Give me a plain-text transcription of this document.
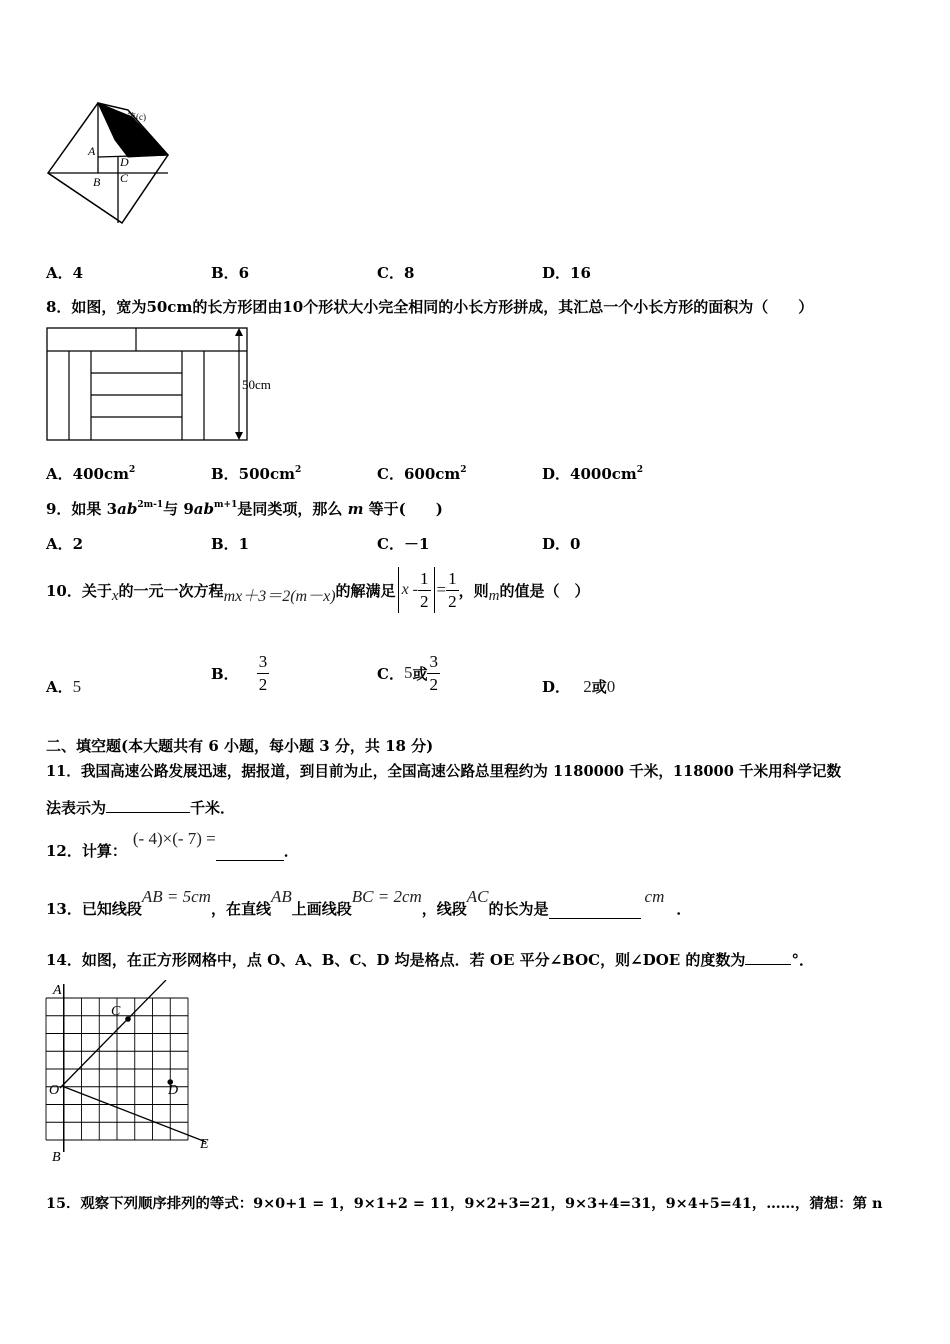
第(c)
A
D
B C
A．4	B．6	C．8	D．16
8．如图，宽为50cm的长方形团由10个形状大小完全相同的小长方形拼成，其汇总一个小长方形的面积为（　　）
50cm
A．$400cm^2$	B．$500cm^2$	C．$600cm^2$	D．$4000cm^2$
9．如果 $3ab^{2m-1}$与 $9ab^{m+1}$是同类项，那么 m 等于(　　)
A．2	B．1	C．－1	D．0
10．关于 x 的一元一次方程 mx＋3＝2(m－x) 的解满足 $x - \frac{1}{2} = \frac{1}{2}$ ，则 m 的值是（　）
A．5
B． $\frac{3}{2}$	C． 5 或 $\frac{3}{2}$	D． 2或0
二、填空题(本大题共有 6 小题，每小题 3 分，共 18 分)
11．我国高速公路发展迅速，据报道，到目前为止，全国高速公路总里程约为 1180000 千米，118000 千米用科学记数
法表示为	千米．
12．计算：
(- 4)×(- 7) =
．
13．已知线段
AB = 5cm
，在直线
AB
上画线段
BC = 2cm
，线段
AC
的长为是
cm
．
14．如图，在正方形网格中，点 O、A、B、C、D 均是格点．若 OE 平分∠BOC，则∠DOE 的度数为	°．
A
C
O	D
E
B
15．观察下列顺序排列的等式：9×0+1 = 1，9×1+2 = 11，9×2+3=21，9×3+4=31，9×4+5=41，……，猜想：第 n
